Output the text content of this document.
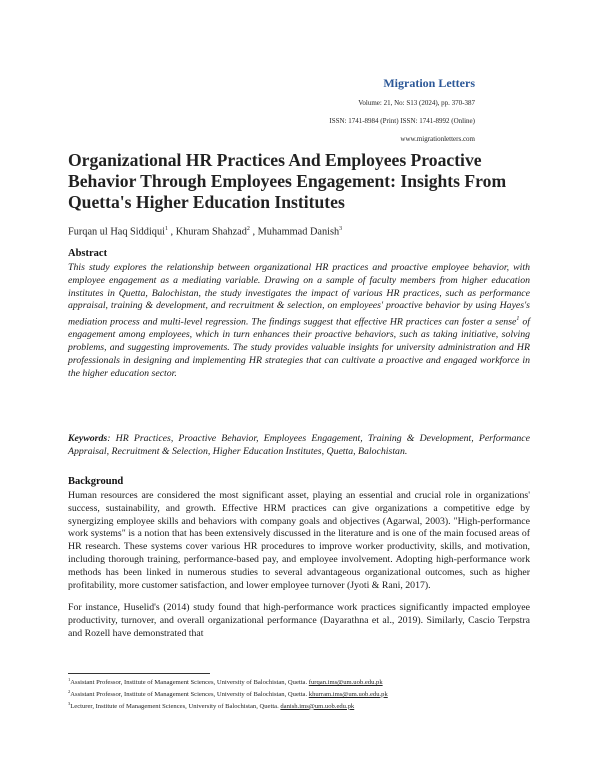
Migration Letters
Volume: 21, No: S13 (2024), pp. 370-387
ISSN: 1741-8984 (Print) ISSN: 1741-8992 (Online)
www.migrationletters.com
Organizational HR Practices And Employees Proactive Behavior Through Employees Engagement: Insights From Quetta's Higher Education Institutes
Furqan ul Haq Siddiqui$^1$ , Khuram Shahzad$^2$ , Muhammad Danish$^3$
Abstract
This study explores the relationship between organizational HR practices and proactive employee behavior, with employee engagement as a mediating variable. Drawing on a sample of faculty members from higher education institutes in Quetta, Balochistan, the study investigates the impact of various HR practices, such as performance appraisal, training & development, and recruitment & selection, on employees' proactive behavior by using Hayes's mediation process and multi-level regression. The findings suggest that effective HR practices can foster a sense$^1$ of engagement among employees, which in turn enhances their proactive behaviors, such as taking initiative, solving problems, and suggesting improvements. The study provides valuable insights for university administration and HR professionals in designing and implementing HR strategies that can cultivate a proactive and engaged workforce in the higher education sector.
Keywords: HR Practices, Proactive Behavior, Employees Engagement, Training & Development, Performance Appraisal, Recruitment & Selection, Higher Education Institutes, Quetta, Balochistan.
Background
Human resources are considered the most significant asset, playing an essential and crucial role in organizations' success, sustainability, and growth. Effective HRM practices can give organizations a competitive edge by synergizing employee skills and behaviors with company goals and objectives (Agarwal, 2003). "High-performance work systems" is a notion that has been extensively discussed in the literature and is one of the main focused areas of HR research. These systems cover various HR procedures to improve worker productivity, skills, and motivation, including thorough training, performance-based pay, and employee involvement. Adopting high-performance work methods has been linked in numerous studies to several advantageous organizational outcomes, such as higher profitability, more customer satisfaction, and lower employee turnover (Jyoti & Rani, 2017).
For instance, Huselid's (2014) study found that high-performance work practices significantly impacted employee productivity, turnover, and overall organizational performance (Dayarathna et al., 2019). Similarly, Cascio Terpstra and Rozell have demonstrated that
$^1$Assistant Professor, Institute of Management Sciences, University of Balochistan, Quetta. furqan.ims@um.uob.edu.pk
$^2$Assistant Professor, Institute of Management Sciences, University of Balochistan, Quetta. khurram.ims@um.uob.edu.pk
$^3$Lecturer, Institute of Management Sciences, University of Balochistan, Quetta. danish.ims@um.uob.edu.pk
